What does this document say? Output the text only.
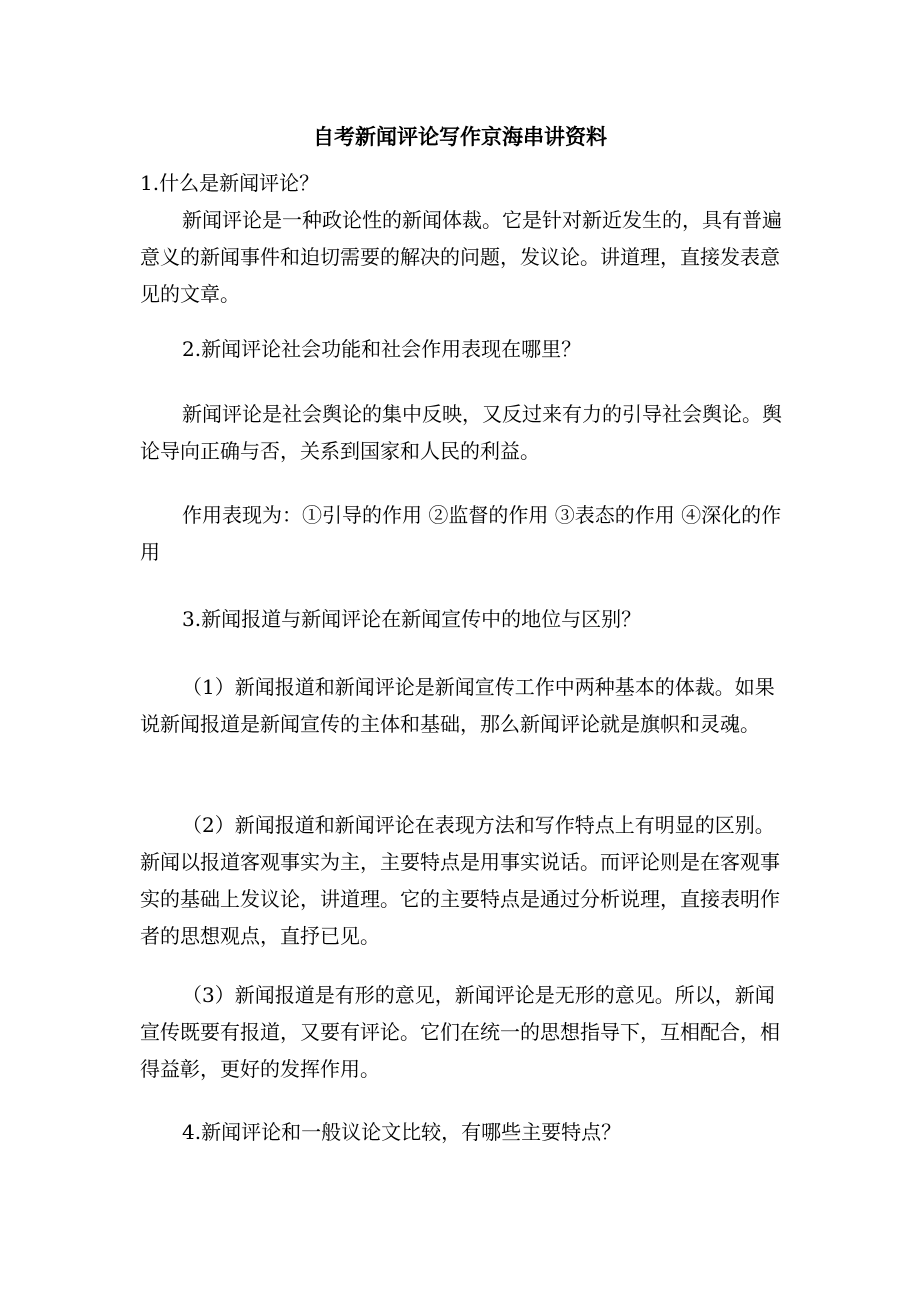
自考新闻评论写作京海串讲资料

1.什么是新闻评论？

新闻评论是一种政论性的新闻体裁。它是针对新近发生的，具有普遍意义的新闻事件和迫切需要的解决的问题，发议论。讲道理，直接发表意见的文章。

2.新闻评论社会功能和社会作用表现在哪里？

新闻评论是社会舆论的集中反映，又反过来有力的引导社会舆论。舆论导向正确与否，关系到国家和人民的利益。

作用表现为：①引导的作用 ②监督的作用 ③表态的作用 ④深化的作用

3.新闻报道与新闻评论在新闻宣传中的地位与区别？

（1）新闻报道和新闻评论是新闻宣传工作中两种基本的体裁。如果说新闻报道是新闻宣传的主体和基础，那么新闻评论就是旗帜和灵魂。

（2）新闻报道和新闻评论在表现方法和写作特点上有明显的区别。新闻以报道客观事实为主，主要特点是用事实说话。而评论则是在客观事实的基础上发议论，讲道理。它的主要特点是通过分析说理，直接表明作者的思想观点，直抒已见。

（3）新闻报道是有形的意见，新闻评论是无形的意见。所以，新闻宣传既要有报道，又要有评论。它们在统一的思想指导下，互相配合，相得益彰，更好的发挥作用。

4.新闻评论和一般议论文比较，有哪些主要特点？
